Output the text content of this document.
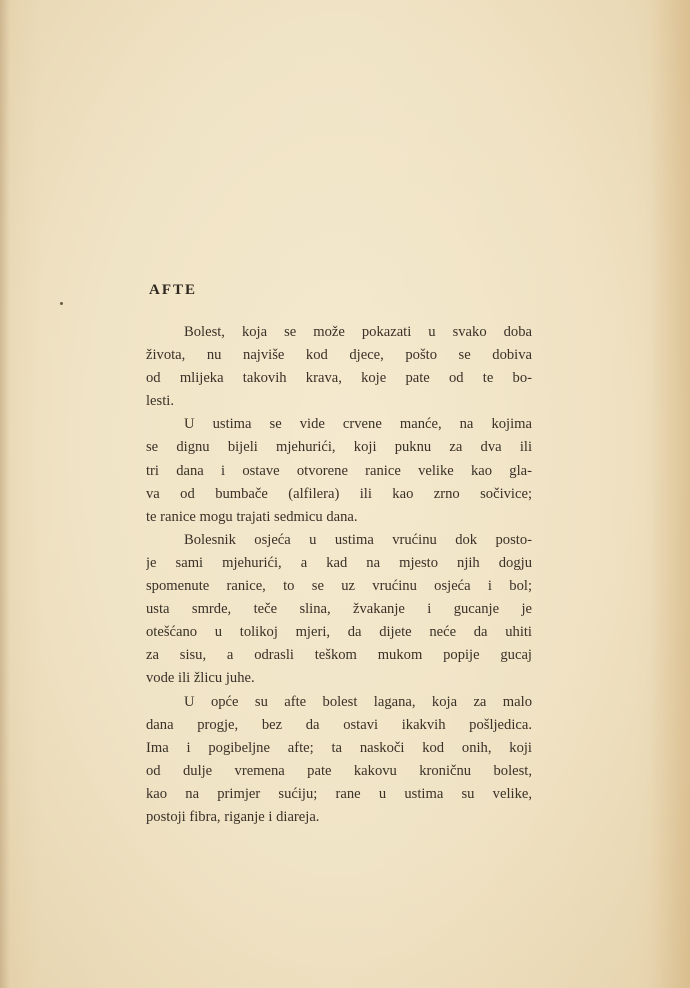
AFTE
Bolest, koja se može pokazati u svako doba
života, nu najviše kod djece, pošto se dobiva
od mlijeka takovih krava, koje pate od te bo-
lesti.
U ustima se vide crvene manće, na kojima
se dignu bijeli mjehurići, koji puknu za dva ili
tri dana i ostave otvorene ranice velike kao gla-
va od bumbače (alfilera) ili kao zrno sočivice;
te ranice mogu trajati sedmicu dana.
Bolesnik osjeća u ustima vrućinu dok posto-
je sami mjehurići, a kad na mjesto njih dogju
spomenute ranice, to se uz vrućinu osjeća i bol;
usta smrde, teče slina, žvakanje i gucanje je
otešćano u tolikoj mjeri, da dijete neće da uhiti
za sisu, a odrasli teškom mukom popije gucaj
vode ili žlicu juhe.
U opće su afte bolest lagana, koja za malo
dana progje, bez da ostavi ikakvih pošljedica.
Ima i pogibeljne afte; ta naskoči kod onih, koji
od dulje vremena pate kakovu kroničnu bolest,
kao na primjer sućiju; rane u ustima su velike,
postoji fibra, riganje i diareja.
